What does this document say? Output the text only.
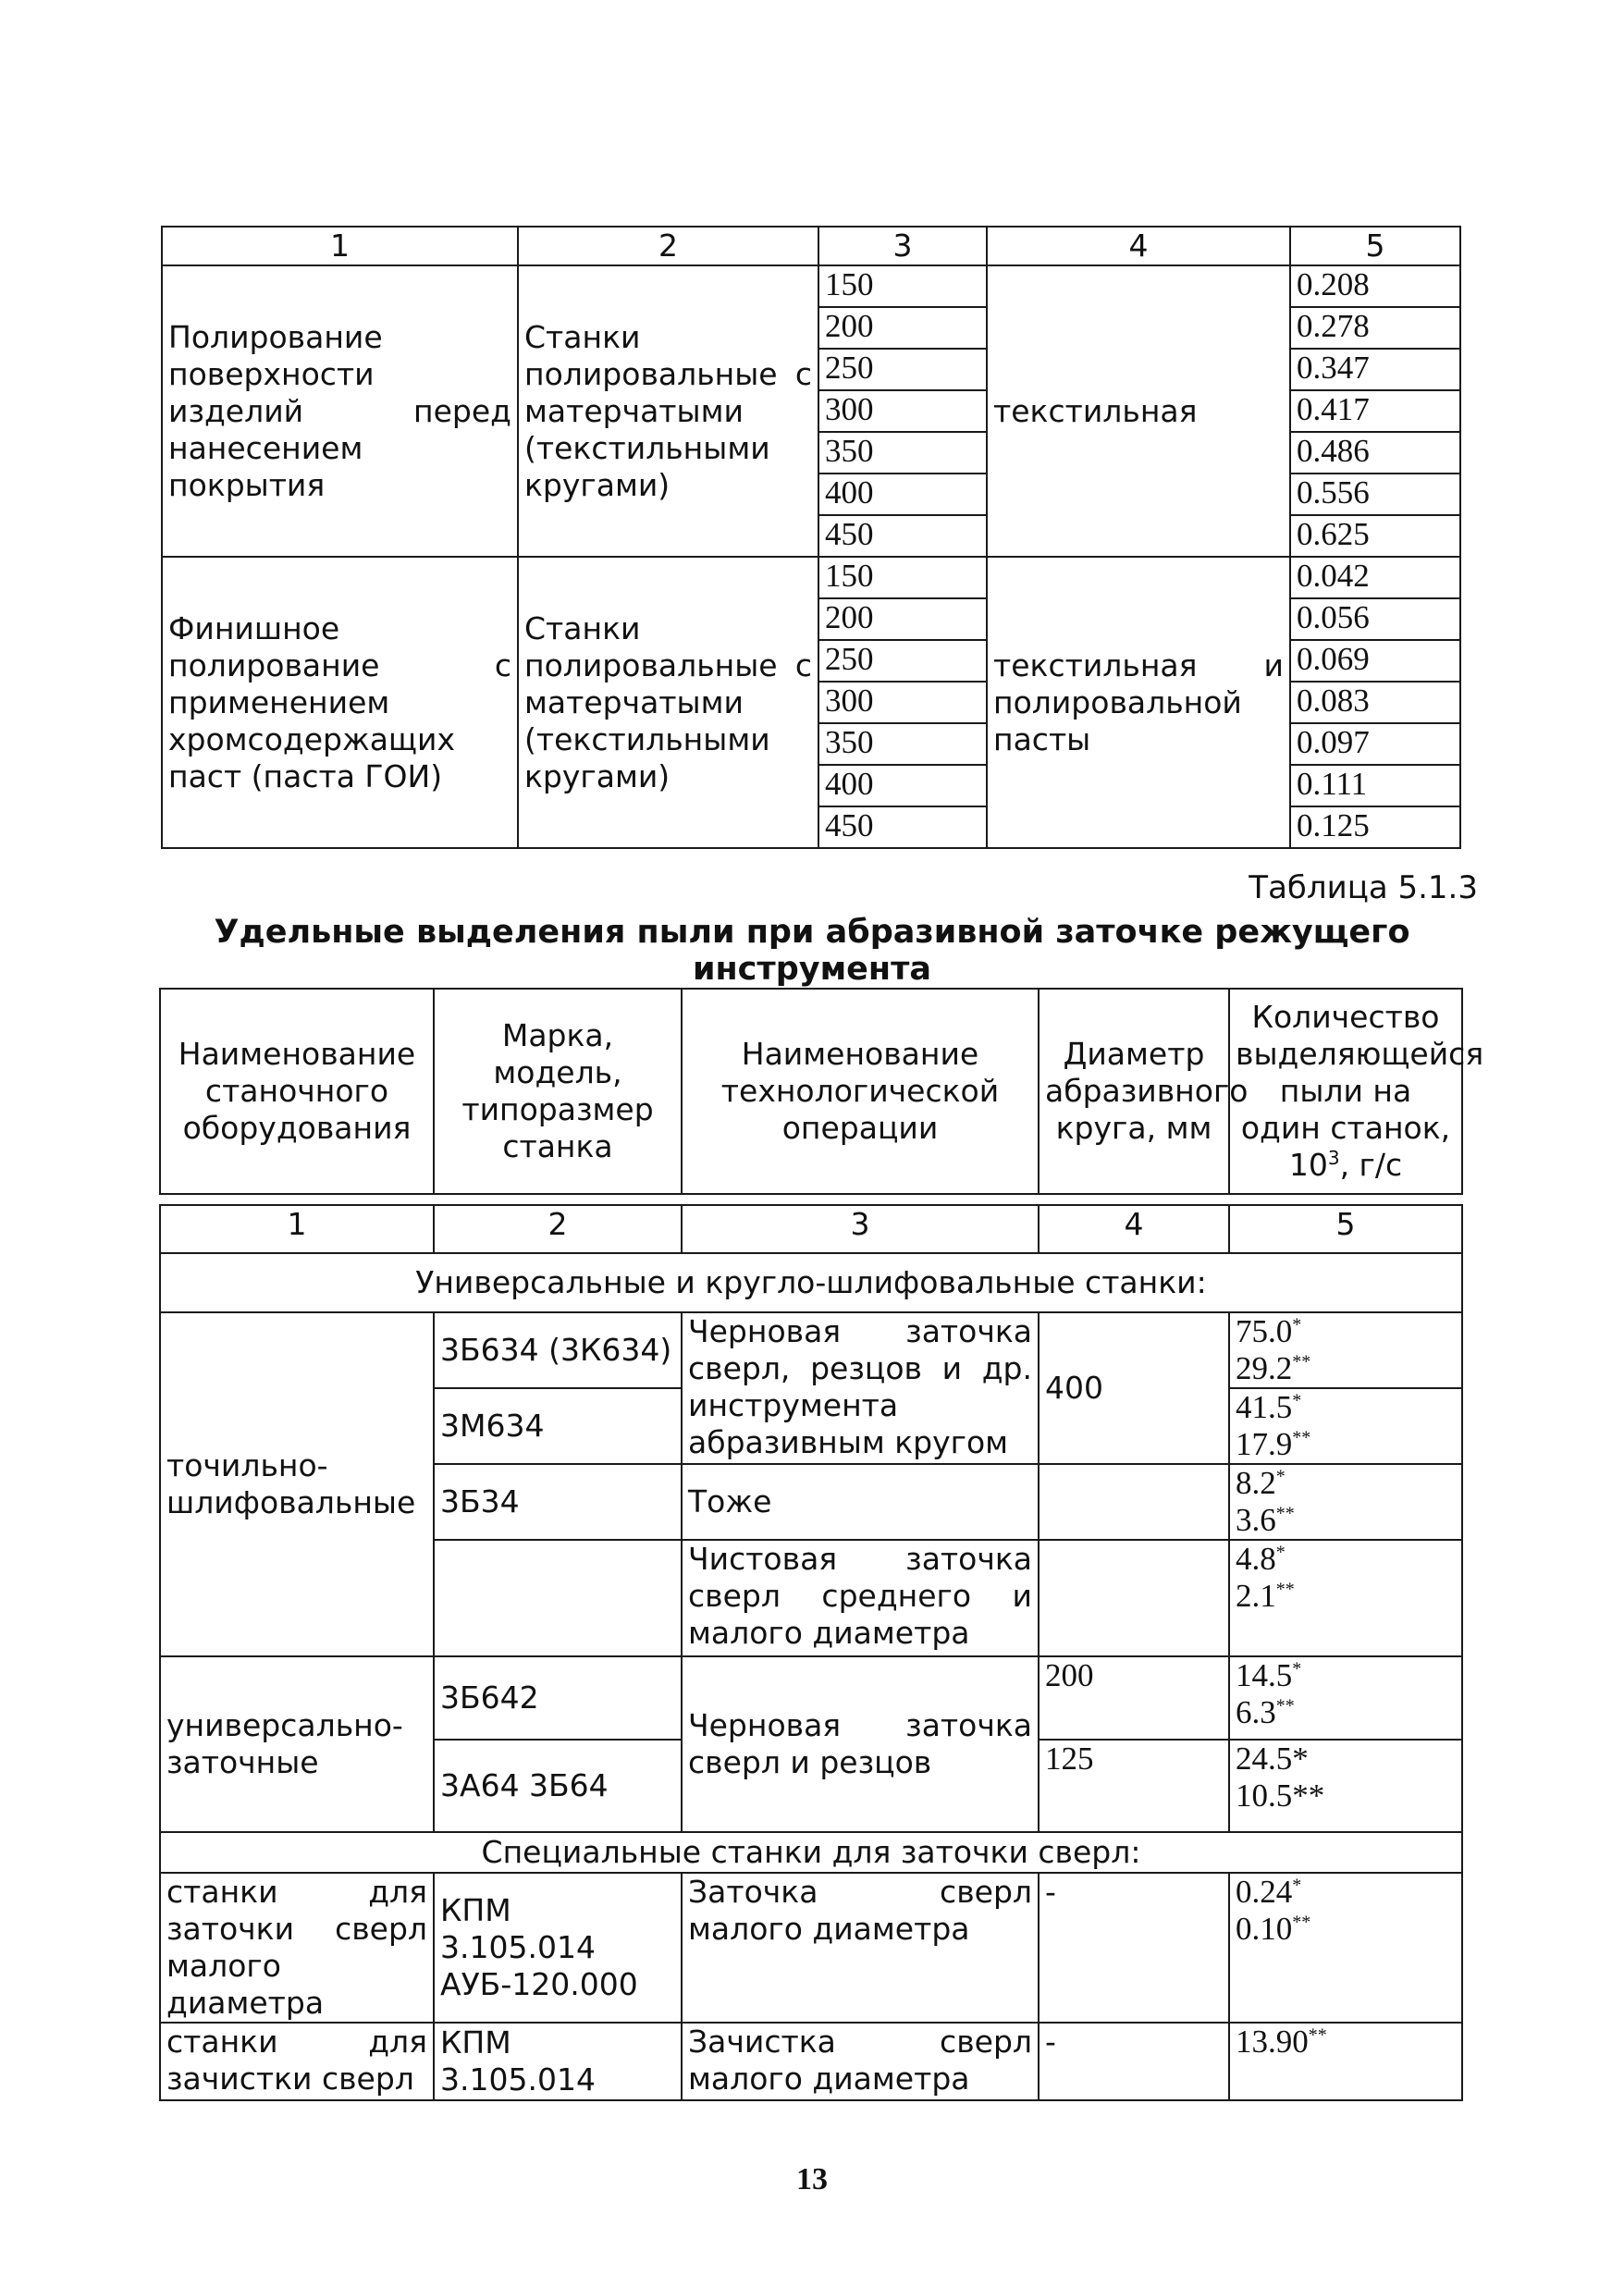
1	2	3	4	5
Полирование поверхности изделий перед нанесением покрытия	Станки полировальные с матерчатыми (текстильными кругами)	150	текстильная	0.208
		200		0.278
		250		0.347
		300		0.417
		350		0.486
		400		0.556
		450		0.625
Финишное полирование с применением хромсодержащих паст (паста ГОИ)	Станки полировальные с матерчатыми (текстильными кругами)	150	текстильная и полировальной пасты	0.042
		200		0.056
		250		0.069
		300		0.083
		350		0.097
		400		0.111
		450		0.125
Таблица 5.1.3
Удельные выделения пыли при абразивной заточке режущего инструмента
Наименование станочного оборудования	Марка, модель, типоразмер станка	Наименование технологической операции	Диаметр абразивного круга, мм	Количество выделяющейся пыли на один станок, $10^3$, г/с

1	2	3	4	5
Универсальные и кругло-шлифовальные станки:				
точильно-шлифовальные	3Б634 (3К634)	Черновая заточка сверл, резцов и др. инструмента абразивным кругом	400	75.0*
29.2**
	3М634			41.5*
17.9**
	3Б34	Тоже		8.2*
3.6**
		Чистовая заточка сверл среднего и малого диаметра		4.8*
2.1**
универсально-заточные	3Б642	Черновая заточка сверл и резцов	200	14.5*
6.3**
	3А64 3Б64		125	24.5*
10.5**
Специальные станки для заточки сверл:				
станки для заточки сверл малого диаметра	КПМ 3.105.014
АУБ-120.000	Заточка сверл малого диаметра	-	0.24*
0.10**
станки для зачистки сверл	КПМ 3.105.014	Зачистка сверл малого диаметра	-	13.90**
13
